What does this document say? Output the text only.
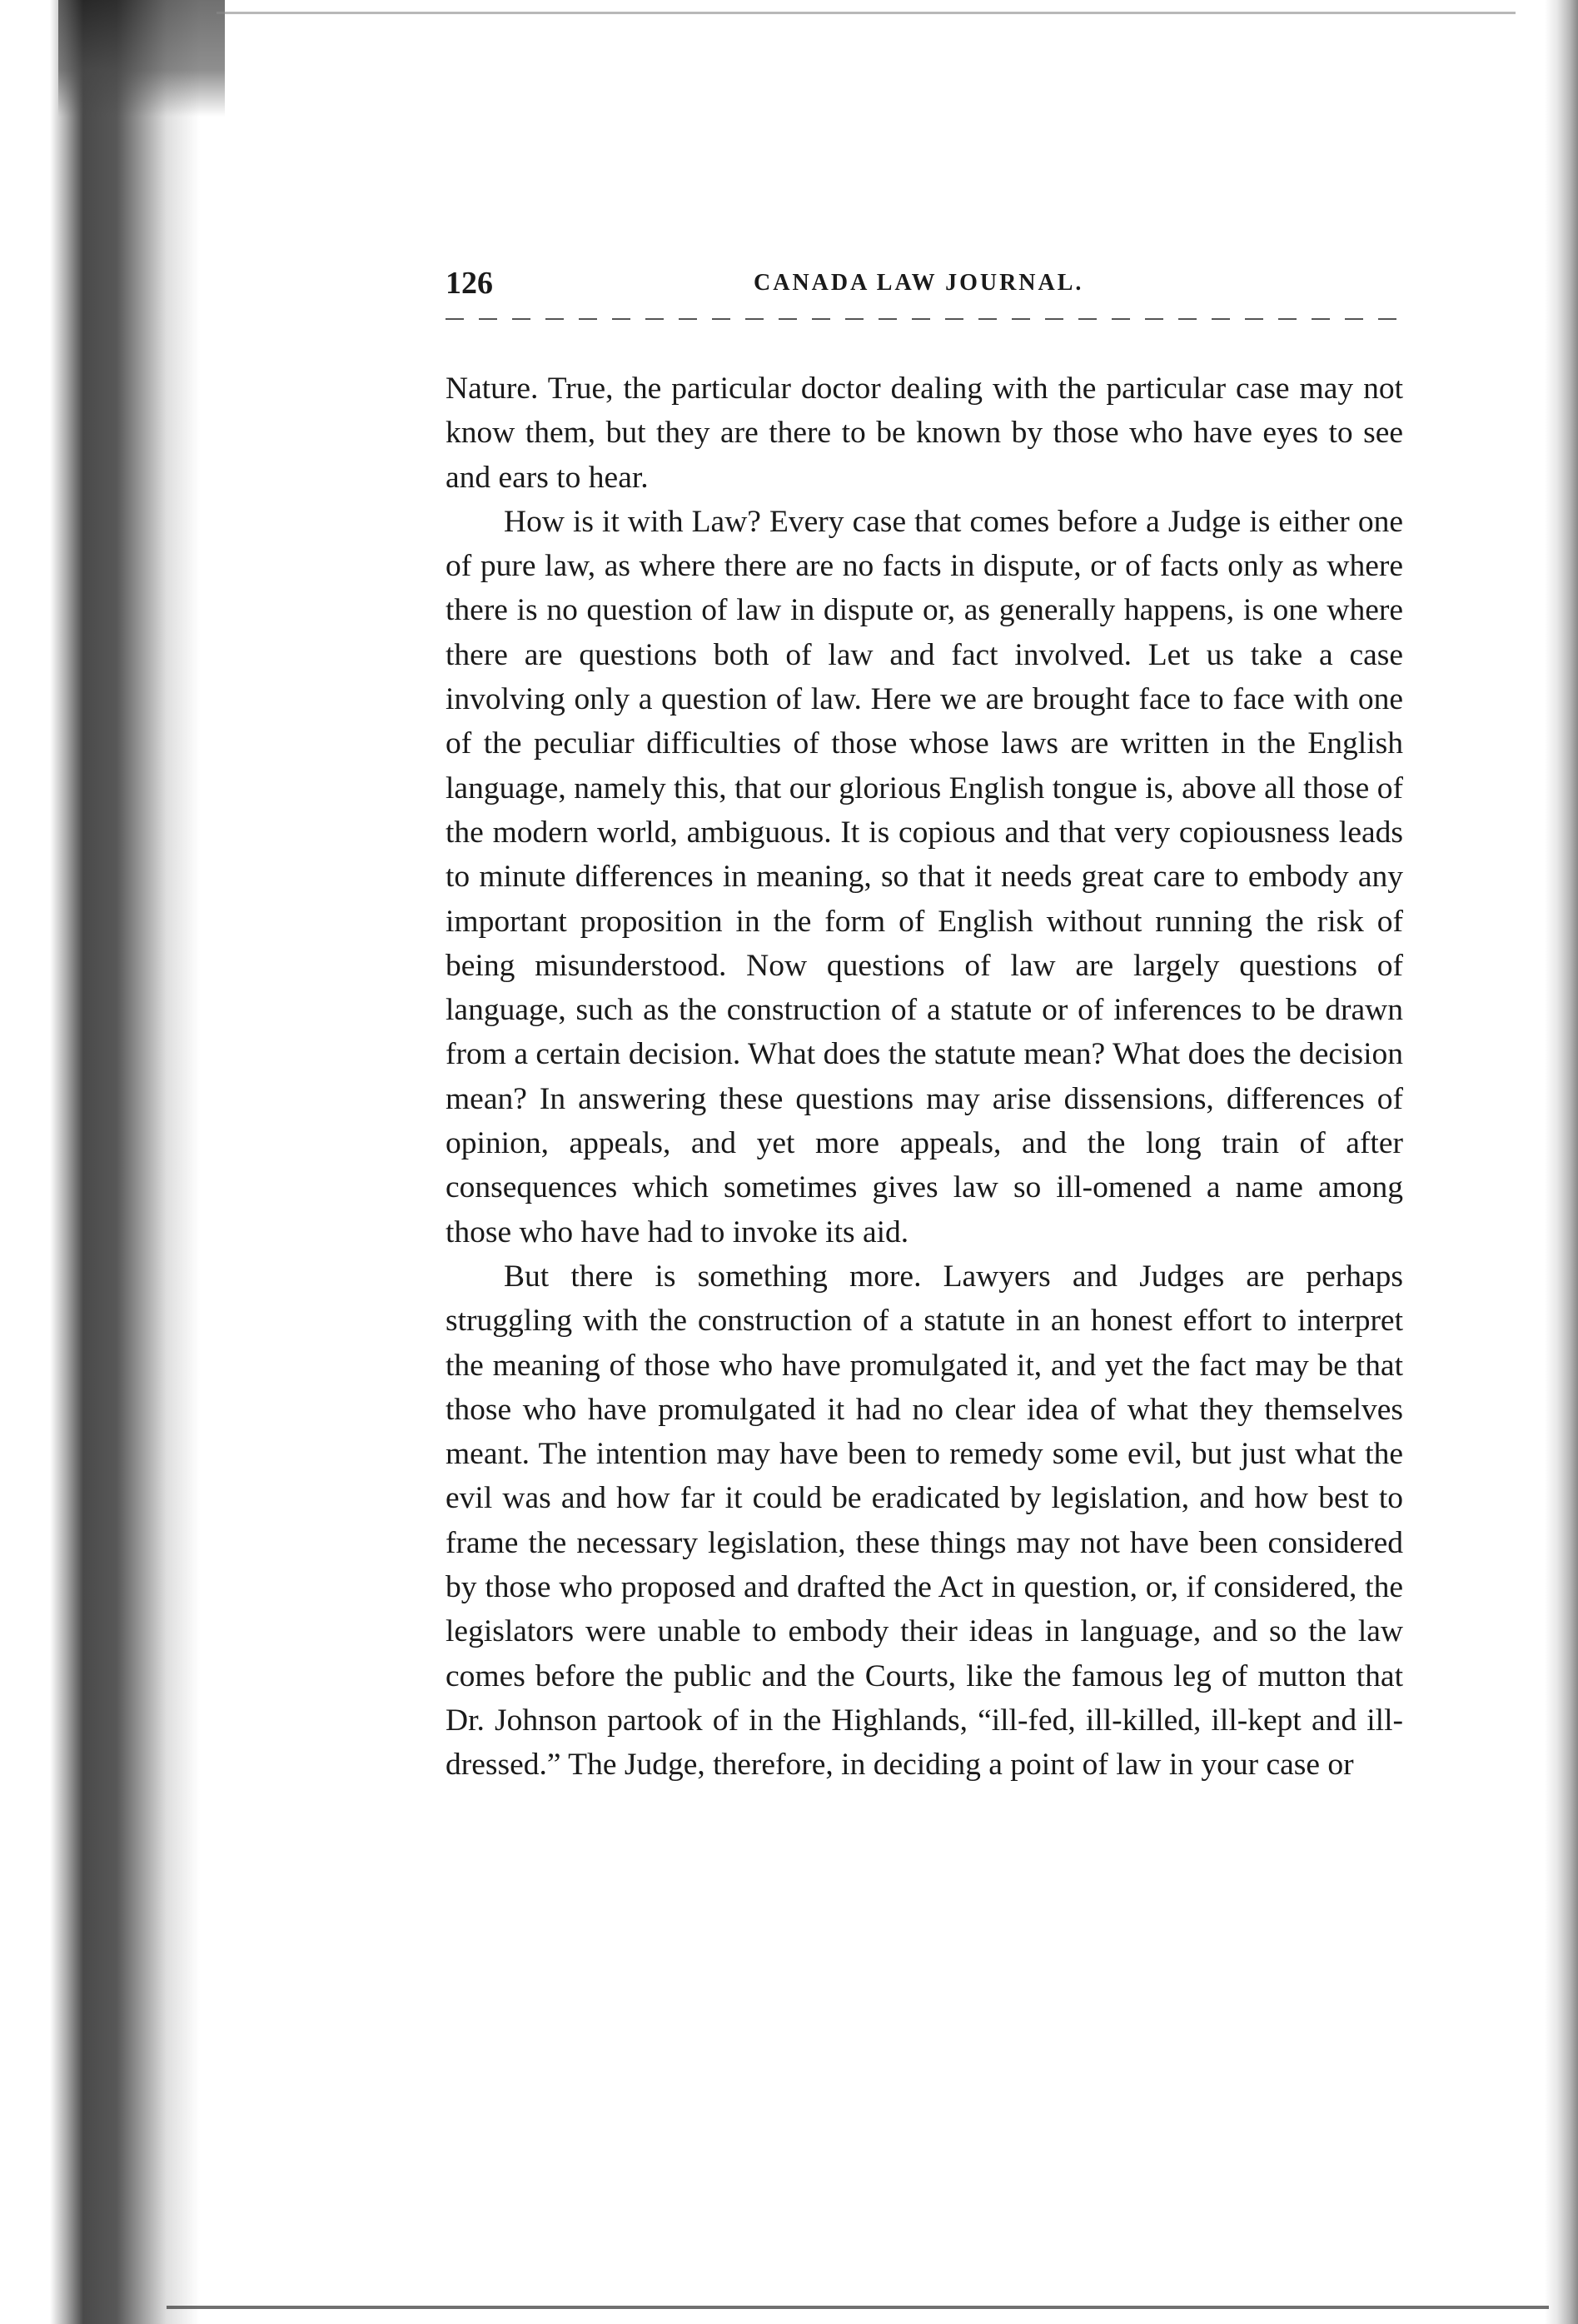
126	CANADA LAW JOURNAL.

Nature. True, the particular doctor dealing with the particular case may not know them, but they are there to be known by those who have eyes to see and ears to hear.

How is it with Law? Every case that comes before a Judge is either one of pure law, as where there are no facts in dispute, or of facts only as where there is no question of law in dispute or, as generally happens, is one where there are questions both of law and fact involved. Let us take a case involving only a question of law. Here we are brought face to face with one of the peculiar difficulties of those whose laws are written in the English language, namely this, that our glorious English tongue is, above all those of the modern world, ambiguous. It is copious and that very copiousness leads to minute differences in meaning, so that it needs great care to embody any important proposition in the form of English without running the risk of being misunderstood. Now questions of law are largely questions of language, such as the construction of a statute or of inferences to be drawn from a certain decision. What does the statute mean? What does the decision mean? In answering these questions may arise dissensions, differences of opinion, appeals, and yet more appeals, and the long train of after consequences which sometimes gives law so ill-omened a name among those who have had to invoke its aid.

But there is something more. Lawyers and Judges are perhaps struggling with the construction of a statute in an honest effort to interpret the meaning of those who have promulgated it, and yet the fact may be that those who have promulgated it had no clear idea of what they themselves meant. The intention may have been to remedy some evil, but just what the evil was and how far it could be eradicated by legislation, and how best to frame the necessary legislation, these things may not have been considered by those who proposed and drafted the Act in question, or, if considered, the legislators were unable to embody their ideas in language, and so the law comes before the public and the Courts, like the famous leg of mutton that Dr. Johnson partook of in the Highlands, “ill-fed, ill-killed, ill-kept and ill-dressed.” The Judge, therefore, in deciding a point of law in your case or
